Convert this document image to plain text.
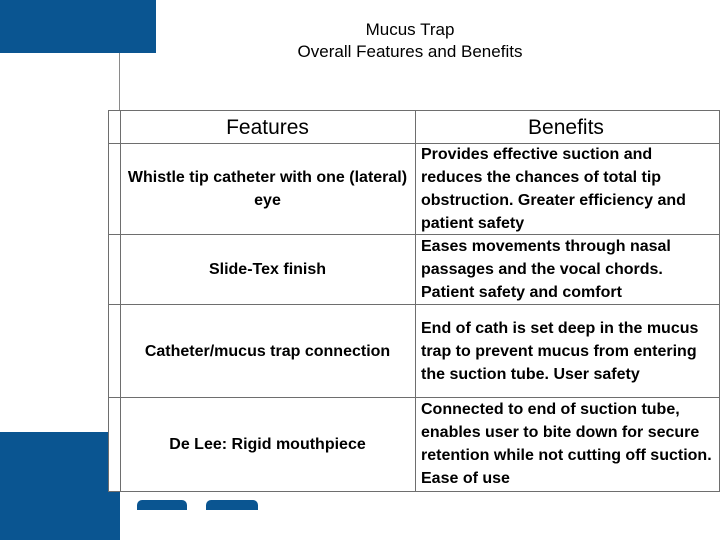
Mucus Trap
Overall Features and Benefits
Features	Benefits
Whistle tip catheter with one (lateral) eye
Provides effective suction and reduces the chances of total tip obstruction. Greater efficiency and patient safety
Slide-Tex finish
Eases movements through nasal passages and the vocal chords. Patient safety and comfort
Catheter/mucus trap connection
End of cath is set deep in the mucus trap to prevent mucus from entering the suction tube. User safety
De Lee: Rigid mouthpiece
Connected to end of suction tube, enables user to bite down for secure retention while not cutting off suction. Ease of use
